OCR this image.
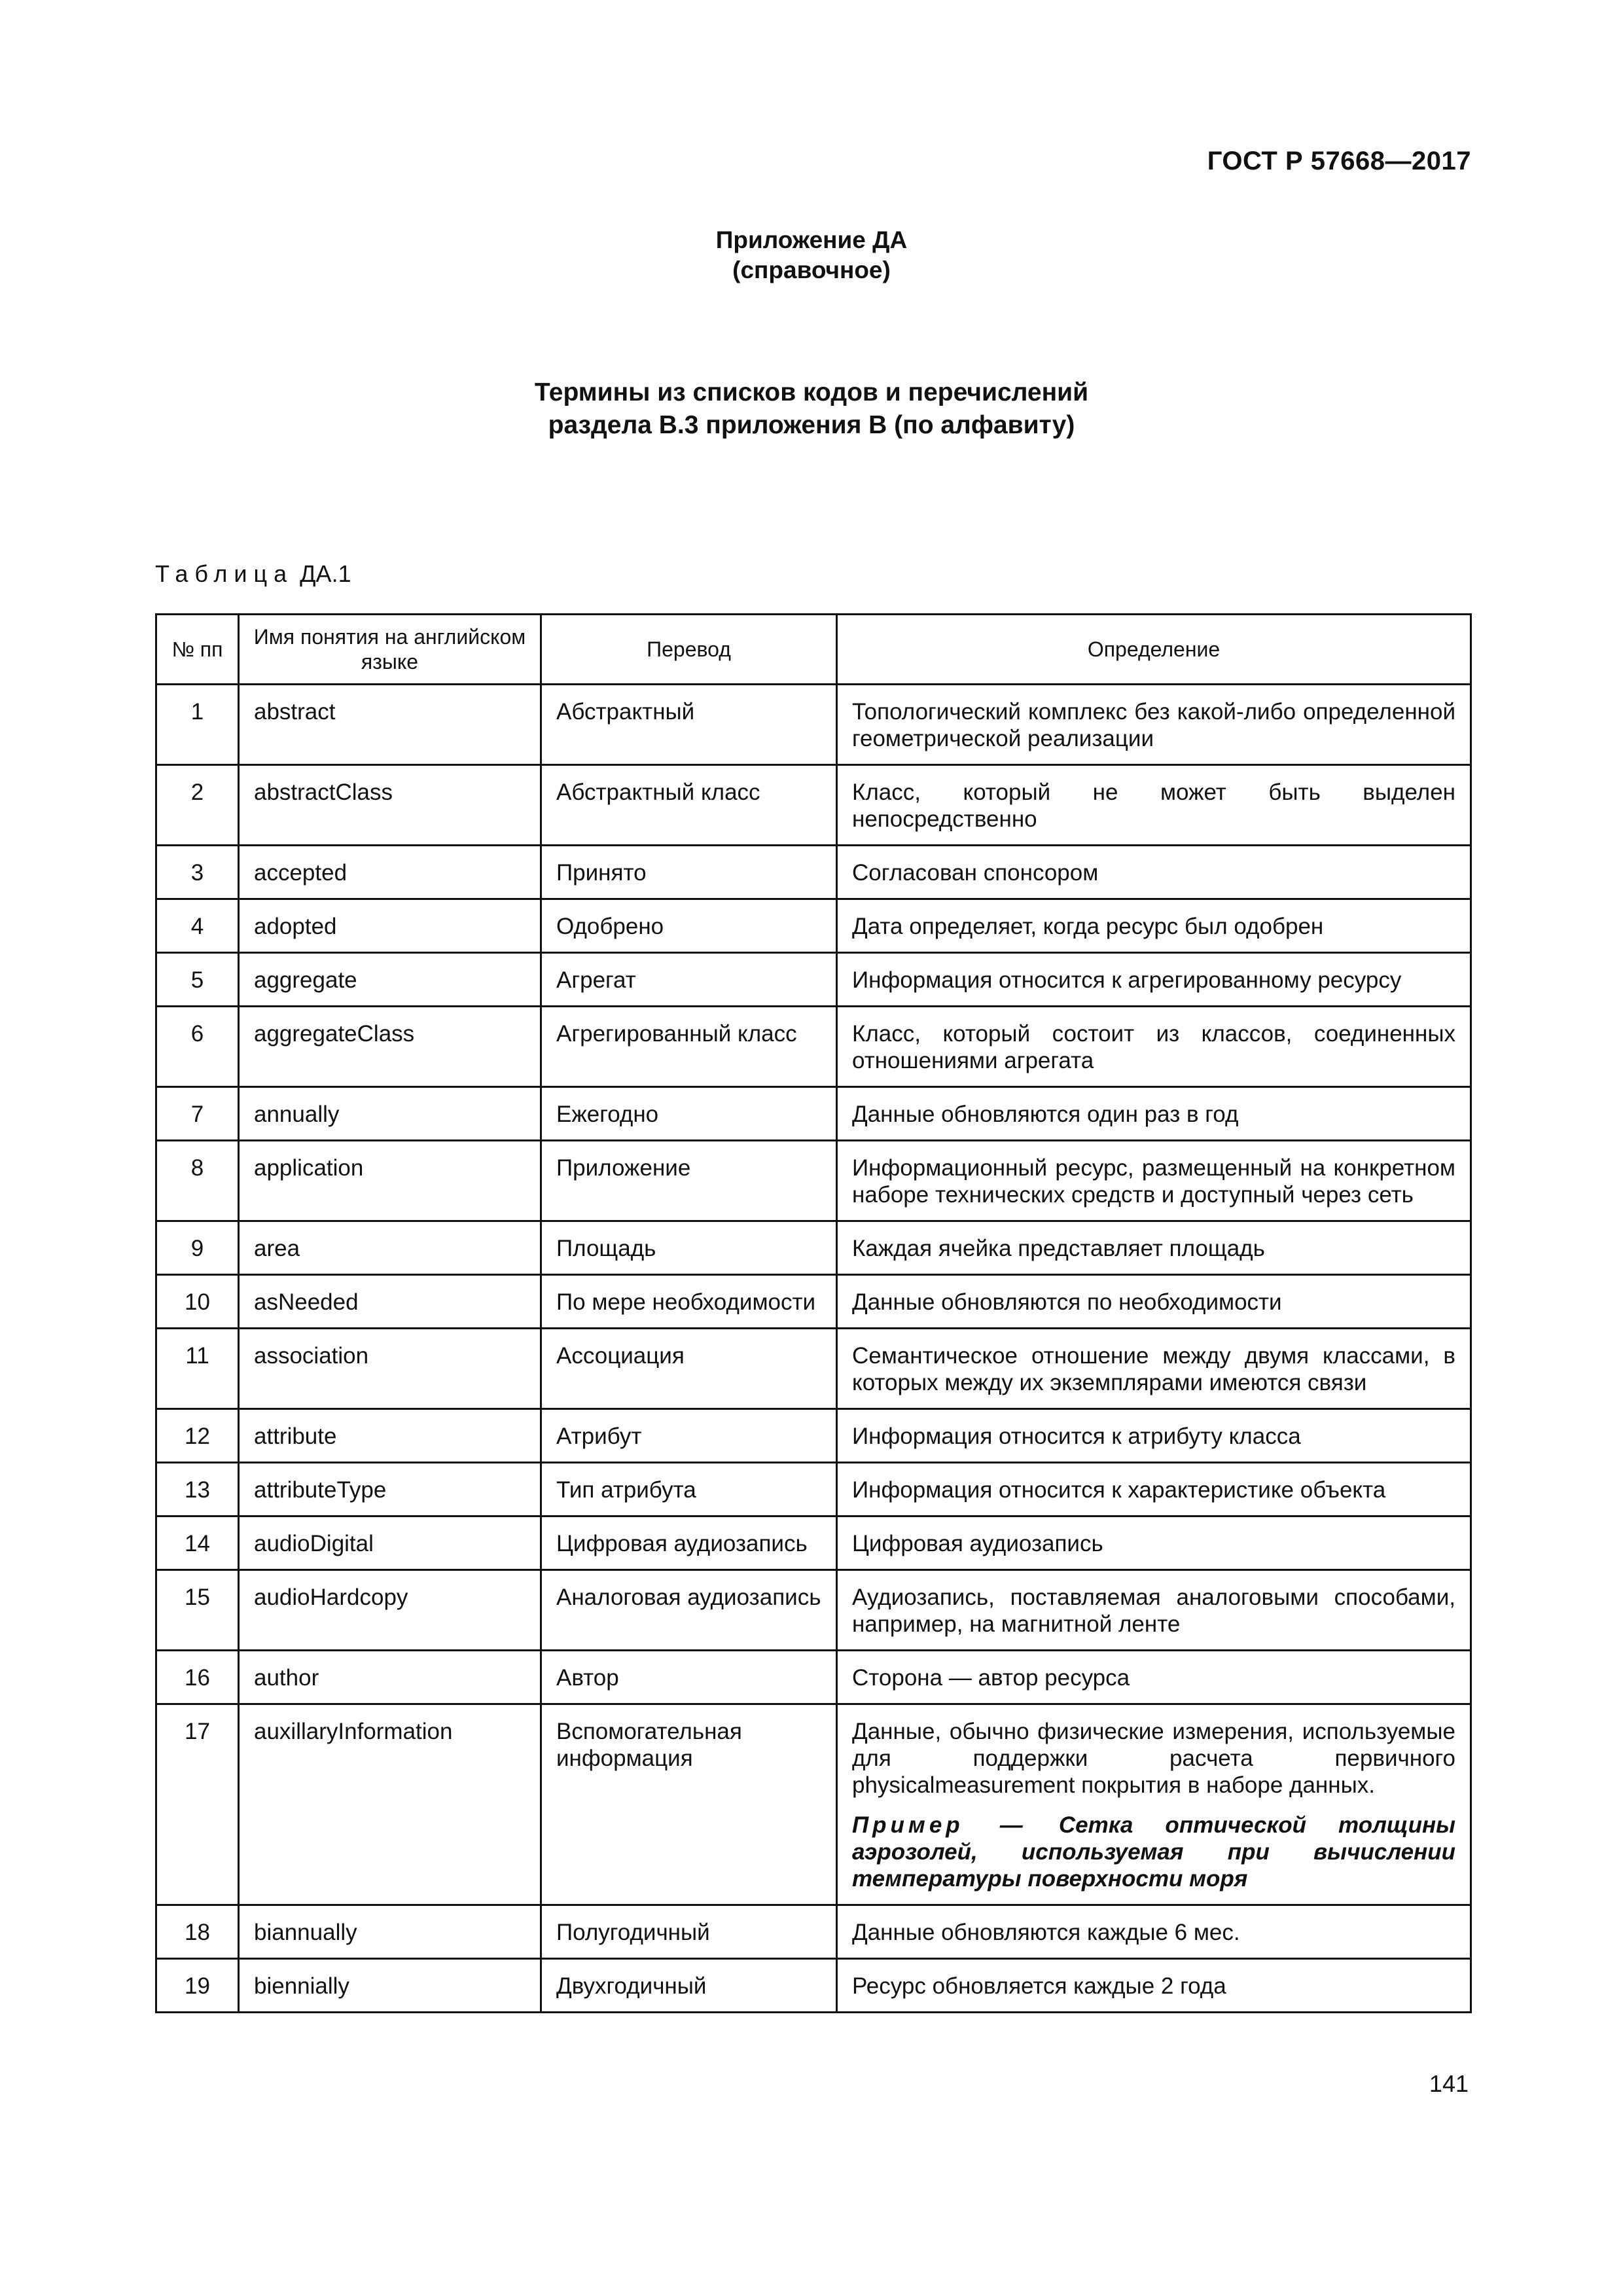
ГОСТ Р 57668—2017
Приложение ДА
(справочное)
Термины из списков кодов и перечислений
раздела В.3 приложения В (по алфавиту)
Таблица ДА.1
№ пп	Имя понятия на английском языке	Перевод	Определение
1	abstract	Абстрактный	Топологический комплекс без какой-либо определенной геометрической реализации

2	abstractClass	Абстрактный класс	Класс, который не может быть выделен непосредственно

3	accepted	Принято	Согласован спонсором

4	adopted	Одобрено	Дата определяет, когда ресурс был одобрен

5	aggregate	Агрегат	Информация относится к агрегированному ресурсу

6	aggregateClass	Агрегированный класс	Класс, который состоит из классов, соединенных отношениями агрегата

7	annually	Ежегодно	Данные обновляются один раз в год

8	application	Приложение	Информационный ресурс, размещенный на конкретном наборе технических средств и доступный через сеть

9	area	Площадь	Каждая ячейка представляет площадь

10	asNeeded	По мере необходимости	Данные обновляются по необходимости

11	association	Ассоциация	Семантическое отношение между двумя классами, в которых между их экземплярами имеются связи

12	attribute	Атрибут	Информация относится к атрибуту класса

13	attributeType	Тип атрибута	Информация относится к характеристике объекта

14	audioDigital	Цифровая аудиозапись	Цифровая аудиозапись

15	audioHardcopy	Аналоговая аудиозапись	Аудиозапись, поставляемая аналоговыми способами, например, на магнитной ленте

16	author	Автор	Сторона — автор ресурса

17	auxillaryInformation	Вспомогательная информация	Данные, обычно физические измерения, используемые для поддержки расчета первичного physicalmeasurement покрытия в наборе данных.
Пример — Сетка оптической толщины аэрозолей, используемая при вычислении температуры поверхности моря

18	biannually	Полугодичный	Данные обновляются каждые 6 мес.

19	biennially	Двухгодичный	Ресурс обновляется каждые 2 года
141
